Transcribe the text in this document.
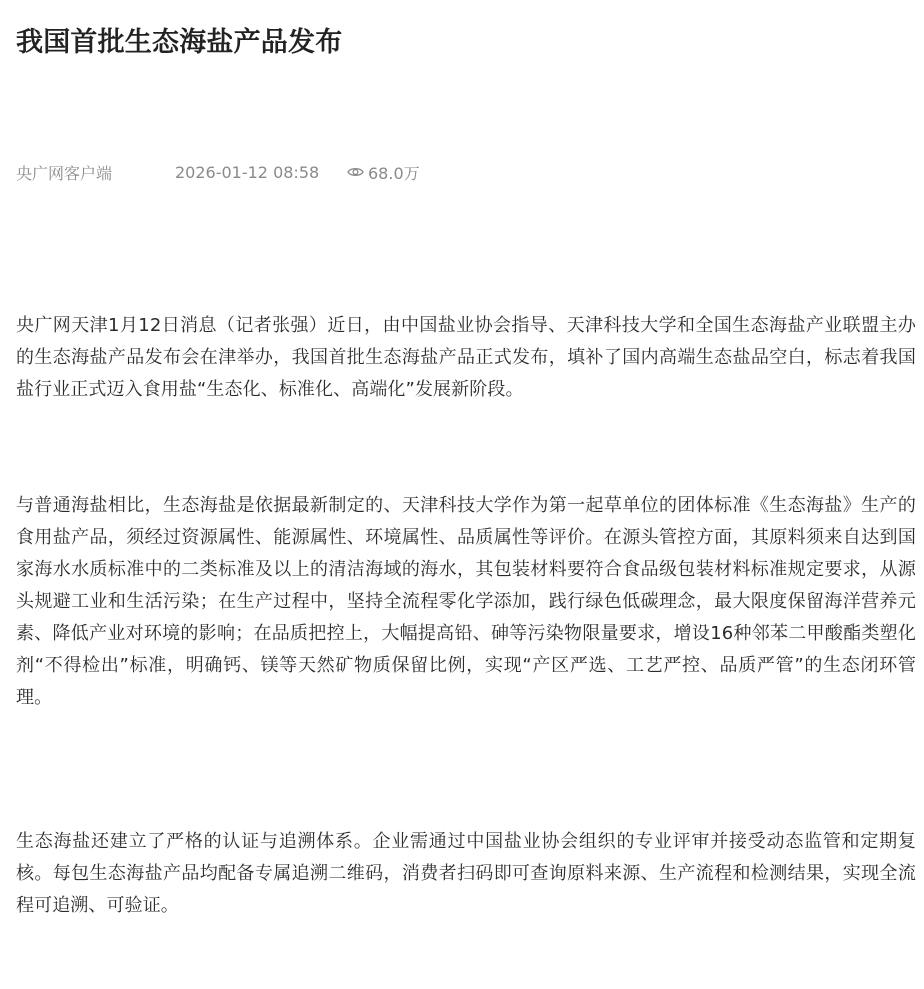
我国首批生态海盐产品发布
央广网客户端	2026-01-12 08:58	68.0万

央广网天津1月12日消息（记者张强）近日，由中国盐业协会指导、天津科技大学和全国生态海盐产业联盟主办的生态海盐产品发布会在津举办，我国首批生态海盐产品正式发布，填补了国内高端生态盐品空白，标志着我国盐行业正式迈入食用盐“生态化、标准化、高端化”发展新阶段。

与普通海盐相比，生态海盐是依据最新制定的、天津科技大学作为第一起草单位的团体标准《生态海盐》生产的食用盐产品，须经过资源属性、能源属性、环境属性、品质属性等评价。在源头管控方面，其原料须来自达到国家海水水质标准中的二类标准及以上的清洁海域的海水，其包装材料要符合食品级包装材料标准规定要求，从源头规避工业和生活污染；在生产过程中，坚持全流程零化学添加，践行绿色低碳理念，最大限度保留海洋营养元素、降低产业对环境的影响；在品质把控上，大幅提高铅、砷等污染物限量要求，增设16种邻苯二甲酸酯类塑化剂“不得检出”标准，明确钙、镁等天然矿物质保留比例，实现“产区严选、工艺严控、品质严管”的生态闭环管理。

生态海盐还建立了严格的认证与追溯体系。企业需通过中国盐业协会组织的专业评审并接受动态监管和定期复核。每包生态海盐产品均配备专属追溯二维码，消费者扫码即可查询原料来源、生产流程和检测结果，实现全流程可追溯、可验证。
